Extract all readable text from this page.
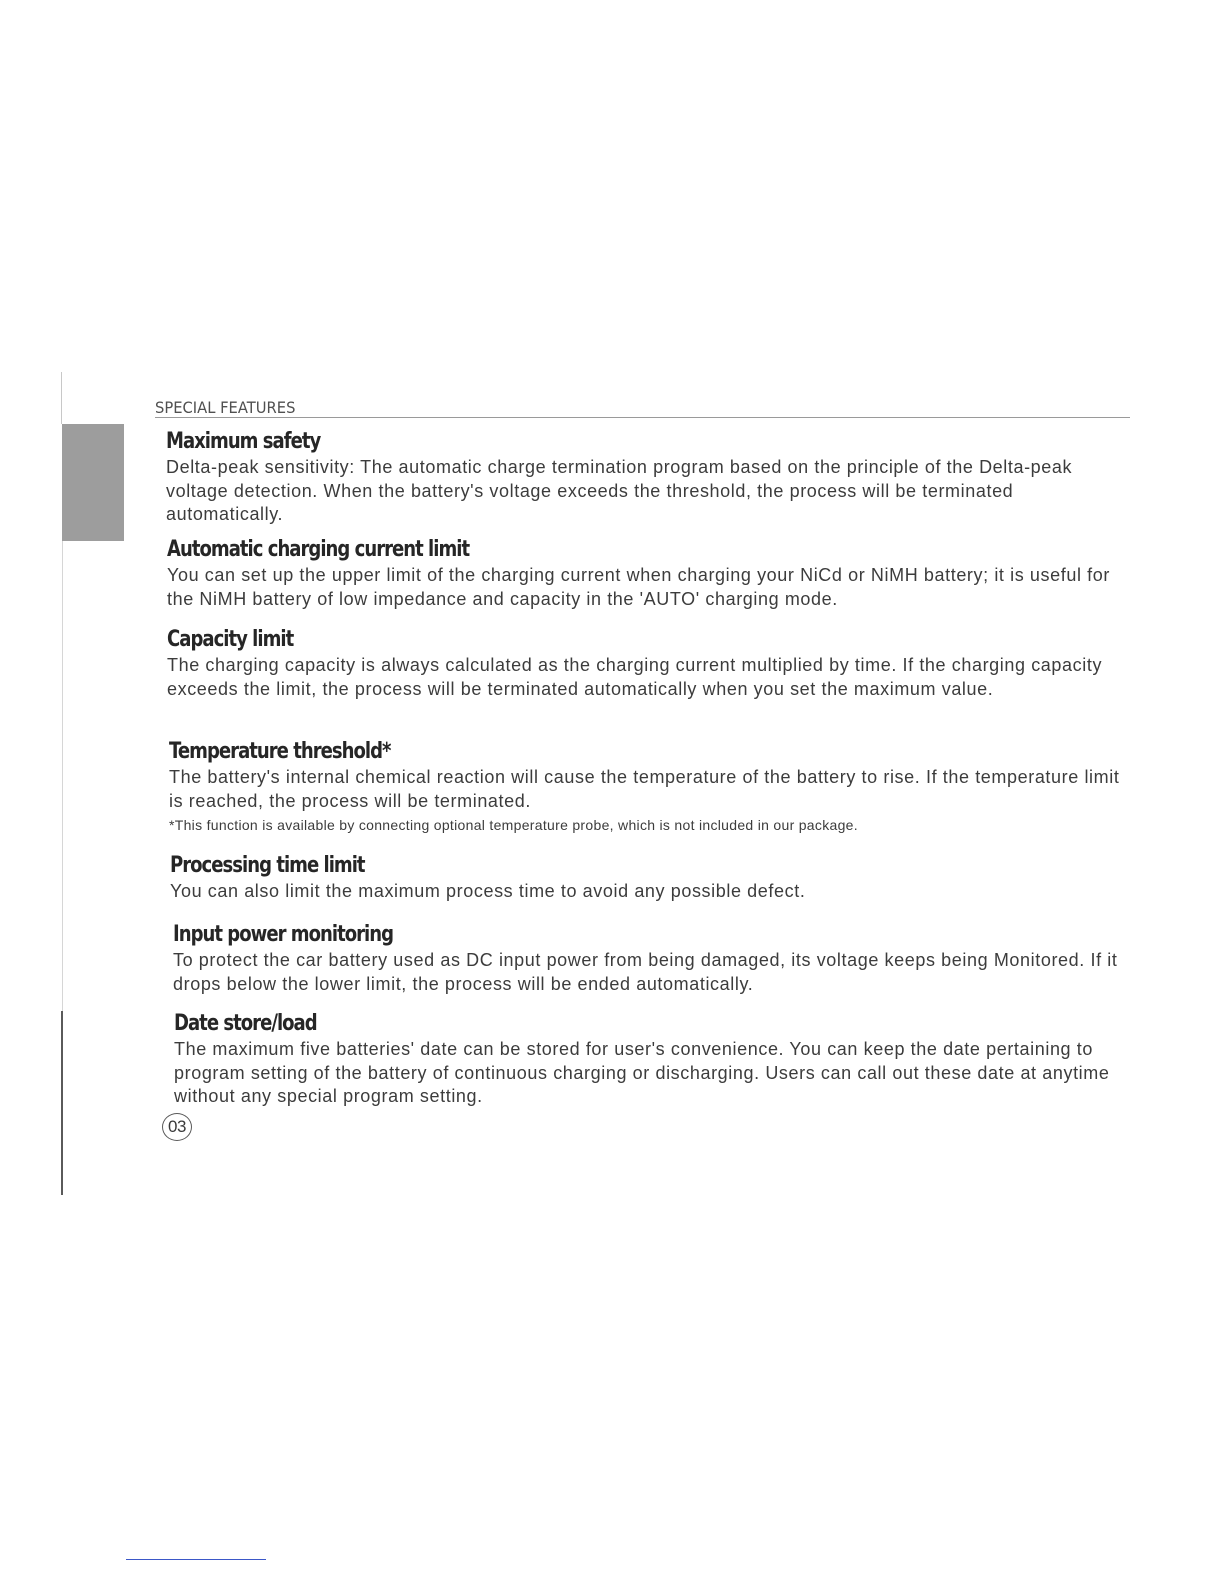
SPECIAL FEATURES
Maximum safety

Delta-peak sensitivity: The automatic charge termination program based on the principle of the Delta-peak voltage detection. When the battery's voltage exceeds the threshold, the process will be terminated automatically.

Automatic charging current limit

You can set up the upper limit of the charging current when charging your NiCd or NiMH battery; it is useful for the NiMH battery of low impedance and capacity in the 'AUTO' charging mode.

Capacity limit

The charging capacity is always calculated as the charging current multiplied by time. If the charging capacity exceeds the limit, the process will be terminated automatically when you set the maximum value.

Temperature threshold*

The battery's internal chemical reaction will cause the temperature of the battery to rise. If the temperature limit is reached, the process will be terminated.

*This function is available by connecting optional temperature probe, which is not included in our package.

Processing time limit

You can also limit the maximum process time to avoid any possible defect.

Input power monitoring

To protect the car battery used as DC input power from being damaged, its voltage keeps being Monitored. If it drops below the lower limit, the process will be ended automatically.

Date store/load

The maximum five batteries' date can be stored for user's convenience. You can keep the date pertaining to program setting of the battery of continuous charging or discharging. Users can call out these date at anytime without any special program setting.

03
